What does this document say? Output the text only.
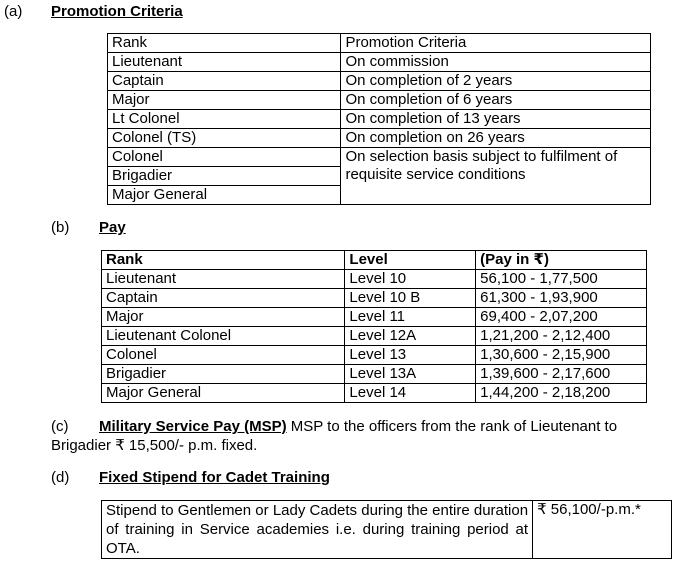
(a) Promotion Criteria
Rank	Promotion Criteria
Lieutenant	On commission
Captain	On completion of 2 years
Major	On completion of 6 years
Lt Colonel	On completion of 13 years
Colonel (TS)	On completion on 26 years
Colonel	On selection basis subject to fulfilment of requisite service conditions
Brigadier	
Major General	
(b) Pay
Rank	Level	(Pay in ₹)
Lieutenant	Level 10	56,100 - 1,77,500
Captain	Level 10 B	61,300 - 1,93,900
Major	Level 11	69,400 - 2,07,200
Lieutenant Colonel	Level 12A	1,21,200 - 2,12,400
Colonel	Level 13	1,30,600 - 2,15,900
Brigadier	Level 13A	1,39,600 - 2,17,600
Major General	Level 14	1,44,200 - 2,18,200
(c) Military Service Pay (MSP) MSP to the officers from the rank of Lieutenant to
Brigadier ₹ 15,500/- p.m. fixed.
(d) Fixed Stipend for Cadet Training
Stipend to Gentlemen or Lady Cadets during the entire duration of training in Service academies i.e. during training period at OTA.	₹ 56,100/-p.m.*
